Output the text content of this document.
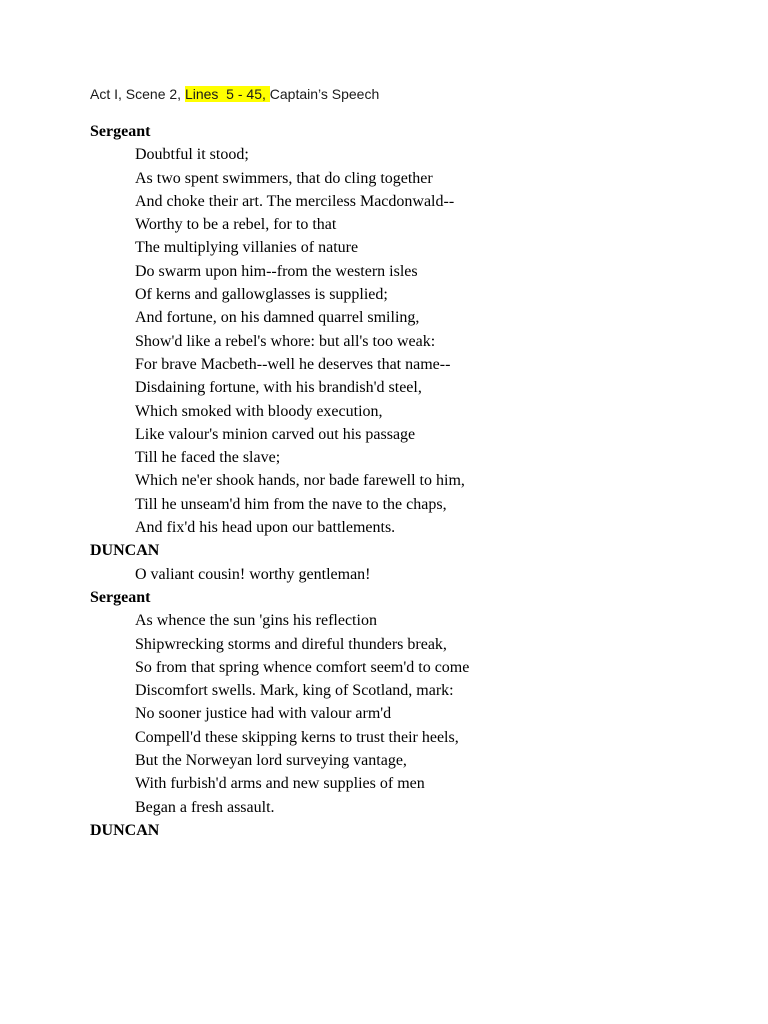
Act I, Scene 2, Lines  5 - 45, Captain’s Speech
Sergeant
Doubtful it stood;
As two spent swimmers, that do cling together
And choke their art. The merciless Macdonwald--
Worthy to be a rebel, for to that
The multiplying villanies of nature
Do swarm upon him--from the western isles
Of kerns and gallowglasses is supplied;
And fortune, on his damned quarrel smiling,
Show'd like a rebel's whore: but all's too weak:
For brave Macbeth--well he deserves that name--
Disdaining fortune, with his brandish'd steel,
Which smoked with bloody execution,
Like valour's minion carved out his passage
Till he faced the slave;
Which ne'er shook hands, nor bade farewell to him,
Till he unseam'd him from the nave to the chaps,
And fix'd his head upon our battlements.
DUNCAN
O valiant cousin! worthy gentleman!
Sergeant
As whence the sun 'gins his reflection
Shipwrecking storms and direful thunders break,
So from that spring whence comfort seem'd to come
Discomfort swells. Mark, king of Scotland, mark:
No sooner justice had with valour arm'd
Compell'd these skipping kerns to trust their heels,
But the Norweyan lord surveying vantage,
With furbish'd arms and new supplies of men
Began a fresh assault.
DUNCAN
